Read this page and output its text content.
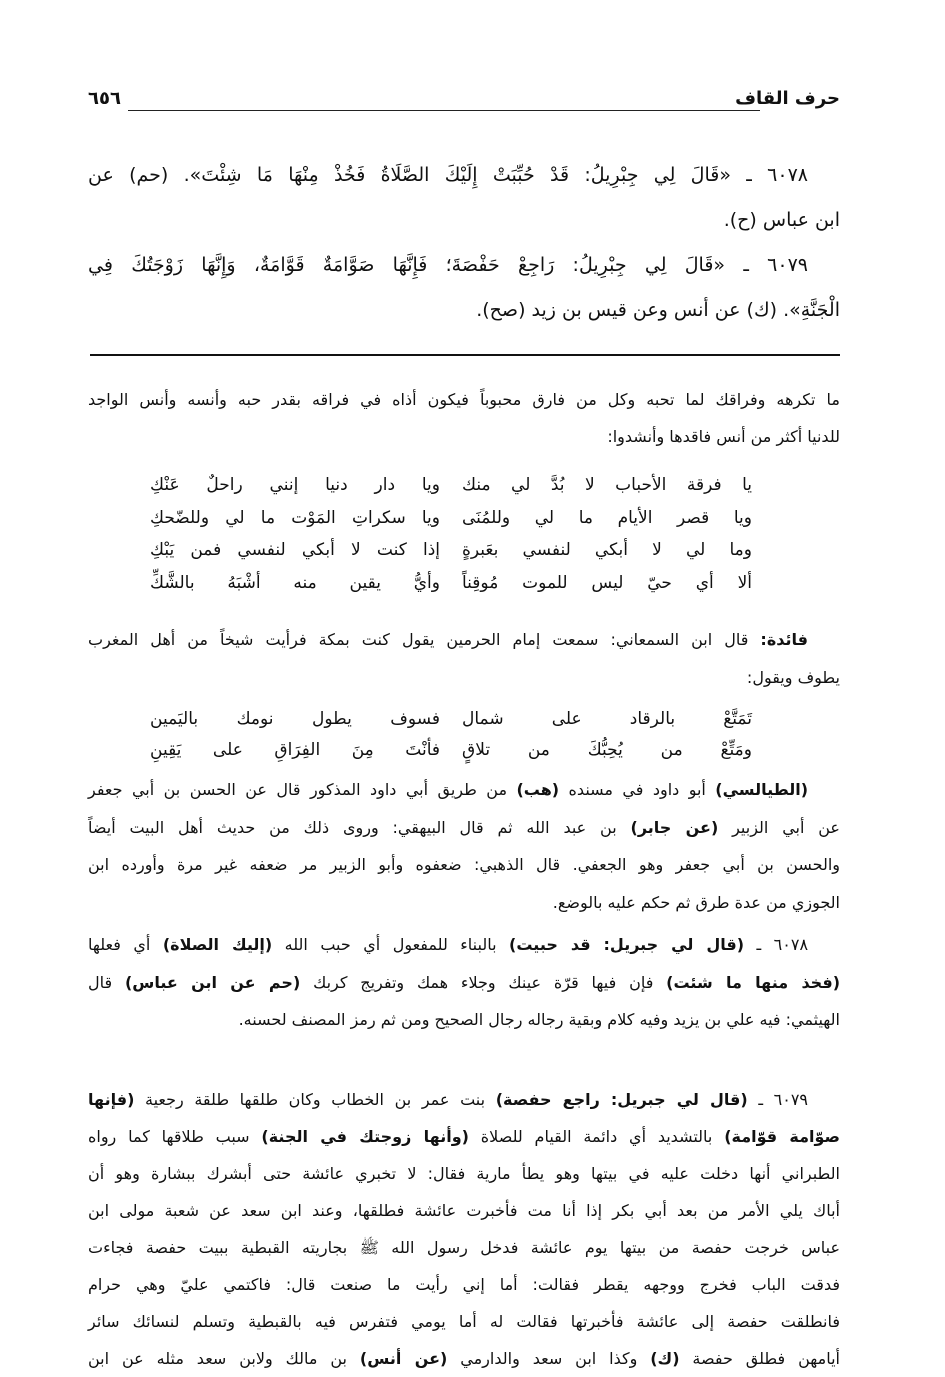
حرف القاف
٦٥٦
٦٠٧٨ ـ «قَالَ لِي جِبْرِيلُ: قَدْ حُبِّبَتْ إِلَيْكَ الصَّلَاةُ فَخُذْ مِنْهَا مَا شِئْتَ». (حم) عن
ابن عباس (ح).
٦٠٧٩ ـ «قَالَ لِي جِبْرِيلُ: رَاجِعْ حَفْصَةَ؛ فَإِنَّهَا صَوَّامَةٌ قَوَّامَةٌ، وَإِنَّهَا زَوْجَتُكَ فِي
الْجَنَّةِ». (ك) عن أنس وعن قيس بن زيد (صح).
ما تكرهه وفراقك لما تحبه وكل من فارق محبوباً فيكون أذاه في فراقه بقدر حبه وأنسه وأنس الواجد
للدنيا أكثر من أنس فاقدها وأنشدوا:
يا فرقة الأحباب لا بُدَّ لي منك
ويا دار دنيا إنني راحلٌ عَنْكِ
ويا قصر الأيام ما لي وللمُنَى
ويا سكراتِ المَوْت ما لي وللضّحكِ
وما لي لا أبكي لنفسي بعَبرةٍ
إذا كنت لا أبكي لنفسي فمن يَبْكِ
ألا أي حيّ ليس للموت مُوقِناً
وأيُّ يقين منه أشْبَهُ بالشَّكِّ
فائدة: قال ابن السمعاني: سمعت إمام الحرمين يقول كنت بمكة فرأيت شيخاً من أهل المغرب
يطوف ويقول:
تَمَتَّعْ بالرقاد على شمال
فسوف يطول نومك باليَمين
ومَتِّعْ من يُحِبُّكَ من تلاقٍ
فأنْتَ مِنَ الفِرَاقِ على يَقِينِ
(الطيالسي) أبو داود في مسنده (هب) من طريق أبي داود المذكور قال عن الحسن بن أبي جعفر
عن أبي الزبير (عن جابر) بن عبد الله ثم قال البيهقي: وروى ذلك من حديث أهل البيت أيضاً
والحسن بن أبي جعفر وهو الجعفي. قال الذهبي: ضعفوه وأبو الزبير مر ضعفه غير مرة وأورده ابن
الجوزي من عدة طرق ثم حكم عليه بالوضع.
٦٠٧٨ ـ (قال لي جبريل: قد حبيت) بالبناء للمفعول أي حبب الله (إليك الصلاة) أي فعلها
(فخذ منها ما شئت) فإن فيها قرّة عينك وجلاء همك وتفريج كربك (حم عن ابن عباس) قال
الهيثمي: فيه علي بن يزيد وفيه كلام وبقية رجاله رجال الصحيح ومن ثم رمز المصنف لحسنه.
٦٠٧٩ ـ (قال لي جبريل: راجع حفصة) بنت عمر بن الخطاب وكان طلقها طلقة رجعية (فإنها
صوّامة قوّامة) بالتشديد أي دائمة القيام للصلاة (وأنها زوجتك في الجنة) سبب طلاقها كما رواه
الطبراني أنها دخلت عليه في بيتها وهو يطأ مارية فقال: لا تخبري عائشة حتى أبشرك ببشارة وهو أن
أباك يلي الأمر من بعد أبي بكر إذا أنا مت فأخبرت عائشة فطلقها، وعند ابن سعد عن شعبة مولى ابن
عباس خرجت حفصة من بيتها يوم عائشة فدخل رسول الله ﷺ بجاريته القبطية ببيت حفصة فجاءت
فدقت الباب فخرج ووجهه يقطر فقالت: أما إني رأيت ما صنعت قال: فاكتمي عليّ وهي حرام
فانطلقت حفصة إلى عائشة فأخبرتها فقالت له أما يومي فتفرس فيه بالقبطية وتسلم لنسائك سائر
أيامهن فطلق حفصة (ك) وكذا ابن سعد والدارمي (عن أنس) بن مالك ولابن سعد مثله عن ابن
